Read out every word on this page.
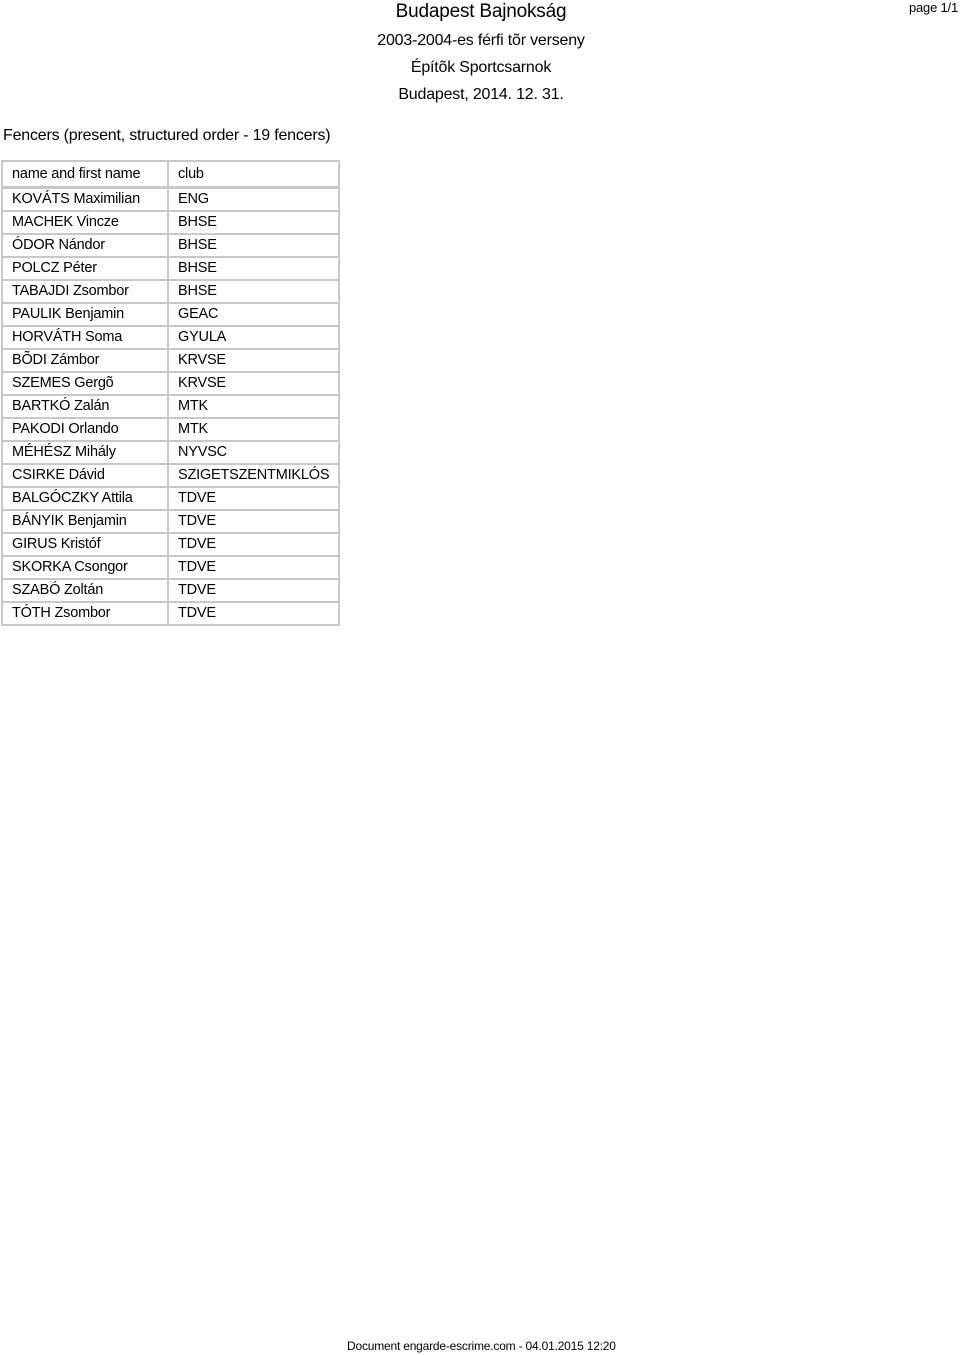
Budapest Bajnokság
2003-2004-es férfi tõr verseny
Építõk Sportcsarnok
Budapest, 2014. 12. 31.
page 1/1
Fencers (present, structured order - 19 fencers)
name and first name	club
KOVÁTS Maximilian	ENG
MACHEK Vincze	BHSE
ÓDOR Nándor	BHSE
POLCZ Péter	BHSE
TABAJDI Zsombor	BHSE
PAULIK Benjamin	GEAC
HORVÁTH Soma	GYULA
BÕDI Zámbor	KRVSE
SZEMES Gergõ	KRVSE
BARTKÓ Zalán	MTK
PAKODI Orlando	MTK
MÉHÉSZ Mihály	NYVSC
CSIRKE Dávid	SZIGETSZENTMIKLÓS
BALGÓCZKY Attila	TDVE
BÁNYIK Benjamin	TDVE
GIRUS Kristóf	TDVE
SKORKA Csongor	TDVE
SZABÓ Zoltán	TDVE
TÓTH Zsombor	TDVE
Document engarde-escrime.com - 04.01.2015 12:20
